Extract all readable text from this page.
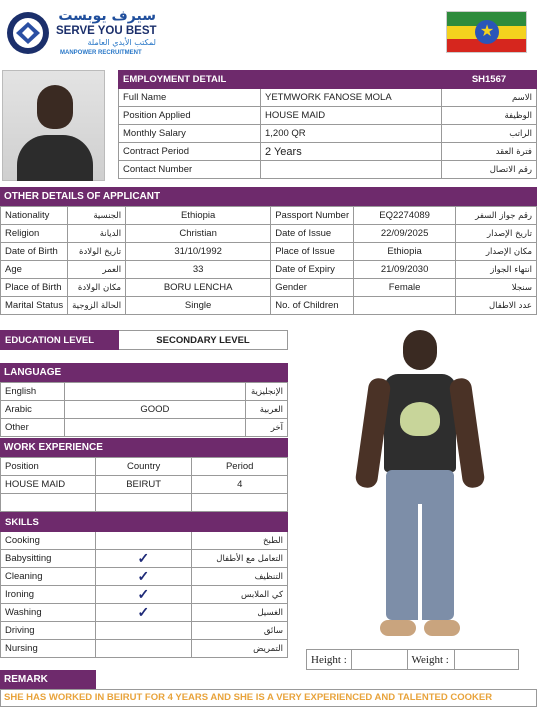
سيرف يوبست
SERVE YOU BEST
لمكتب الأيدي العاملة
MANPOWER RECRUITMENT
★
EMPLOYMENT DETAIL		SH1567
Full Name	YETMWORK FANOSE MOLA	الاسم
Position Applied	HOUSE MAID	الوظيفة
Monthly Salary	1,200 QR	الراتب
Contract Period	2 Years	فترة العقد
Contact Number		رقم الاتصال
OTHER DETAILS OF APPLICANT
Nationality	الجنسية	Ethiopia	Passport Number	EQ2274089	رقم جواز السفر
Religion	الديانة	Christian	Date of Issue	22/09/2025	تاريخ الإصدار
Date of Birth	تاريخ الولادة	31/10/1992	Place of Issue	Ethiopia	مكان الإصدار
Age	العمر	33	Date of Expiry	21/09/2030	انتهاء الجواز
Place of Birth	مكان الولادة	BORU LENCHA	Gender	Female	سنجلا
Marital Status	الحالة الزوجية	Single	No. of Children		عدد الاطفال
EDUCATION LEVEL	SECONDARY LEVEL
LANGUAGE
English		الإنجليزية
Arabic	GOOD	العربية
Other		آخر
WORK EXPERIENCE
Position	Country	Period
HOUSE MAID	BEIRUT	4

SKILLS		
Cooking		الطبخ
Babysitting	✓	التعامل مع الأطفال
Cleaning	✓	التنظيف
Ironing	✓	كي الملابس
Washing	✓	الغسيل
Driving		سائق
Nursing		التمريض
Height :		Weight :	
REMARK
SHE HAS WORKED IN BEIRUT FOR 4 YEARS AND SHE IS A VERY EXPERIENCED AND TALENTED COOKER
